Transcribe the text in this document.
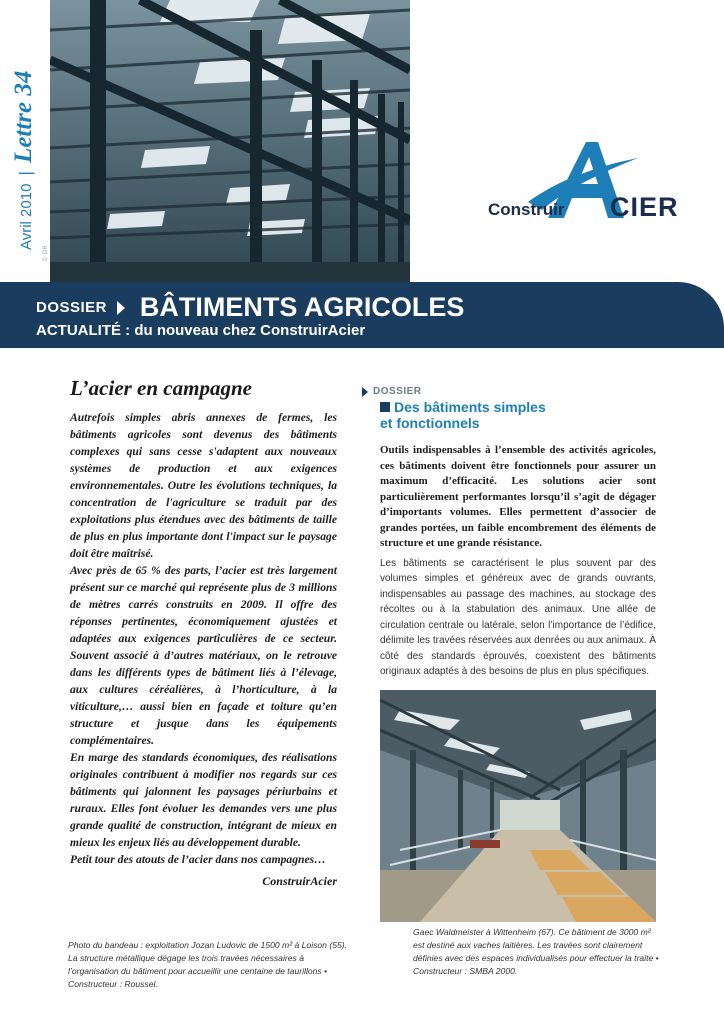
© DR
Avril 2010 | Lettre 34
Construir CIER
DOSSIER BÂTIMENTS AGRICOLES
ACTUALITÉ : du nouveau chez ConstruirAcier
L’acier en campagne

Autrefois simples abris annexes de fermes, les bâtiments agricoles sont devenus des bâtiments complexes qui sans cesse s'adaptent aux nouveaux systèmes de production et aux exigences environnementales. Outre les évolutions techniques, la concentration de l'agriculture se traduit par des exploitations plus étendues avec des bâtiments de taille de plus en plus importante dont l'impact sur le paysage doit être maîtrisé.

Avec près de 65 % des parts, l’acier est très largement présent sur ce marché qui représente plus de 3 millions de mètres carrés construits en 2009. Il offre des réponses pertinentes, économiquement ajustées et adaptées aux exigences particulières de ce secteur. Souvent associé à d’autres matériaux, on le retrouve dans les différents types de bâtiment liés à l’élevage, aux cultures céréalières, à l’horticulture, à la viticulture,… aussi bien en façade et toiture qu’en structure et jusque dans les équipements complémentaires.

En marge des standards économiques, des réalisations originales contribuent à modifier nos regards sur ces bâtiments qui jalonnent les paysages périurbains et ruraux. Elles font évoluer les demandes vers une plus grande qualité de construction, intégrant de mieux en mieux les enjeux liés au développement durable.

Petit tour des atouts de l’acier dans nos campagnes…

ConstruirAcier
DOSSIER
Des bâtiments simples
et fonctionnels

Outils indispensables à l’ensemble des activités agricoles, ces bâtiments doivent être fonctionnels pour assurer un maximum d’efficacité. Les solutions acier sont particulièrement performantes lorsqu’il s’agit de dégager d’importants volumes. Elles permettent d’associer de grandes portées, un faible encombrement des éléments de structure et une grande résistance.

Les bâtiments se caractérisent le plus souvent par des volumes simples et généreux avec de grands ouvrants, indispensables au passage des machines, au stockage des récoltes ou à la stabulation des animaux. Une allée de circulation centrale ou latérale, selon l’importance de l’édifice, délimite les travées réservées aux denrées ou aux animaux. À côté des standards éprouvés, coexistent des bâtiments originaux adaptés à des besoins de plus en plus spécifiques.

Gaec Waldmeister à Wittenheim (67). Ce bâtiment de 3000 m² est destiné aux vaches laitières. Les travées sont clairement définies avec des espaces individualisés pour effectuer la traite • Constructeur : SMBA 2000.
Photo du bandeau : exploitation Jozan Ludovic de 1500 m² à Loison (55). La structure métallique dégage les trois travées nécessaires à l’organisation du bâtiment pour accueillir une centaine de taurillons • Constructeur : Roussel.
